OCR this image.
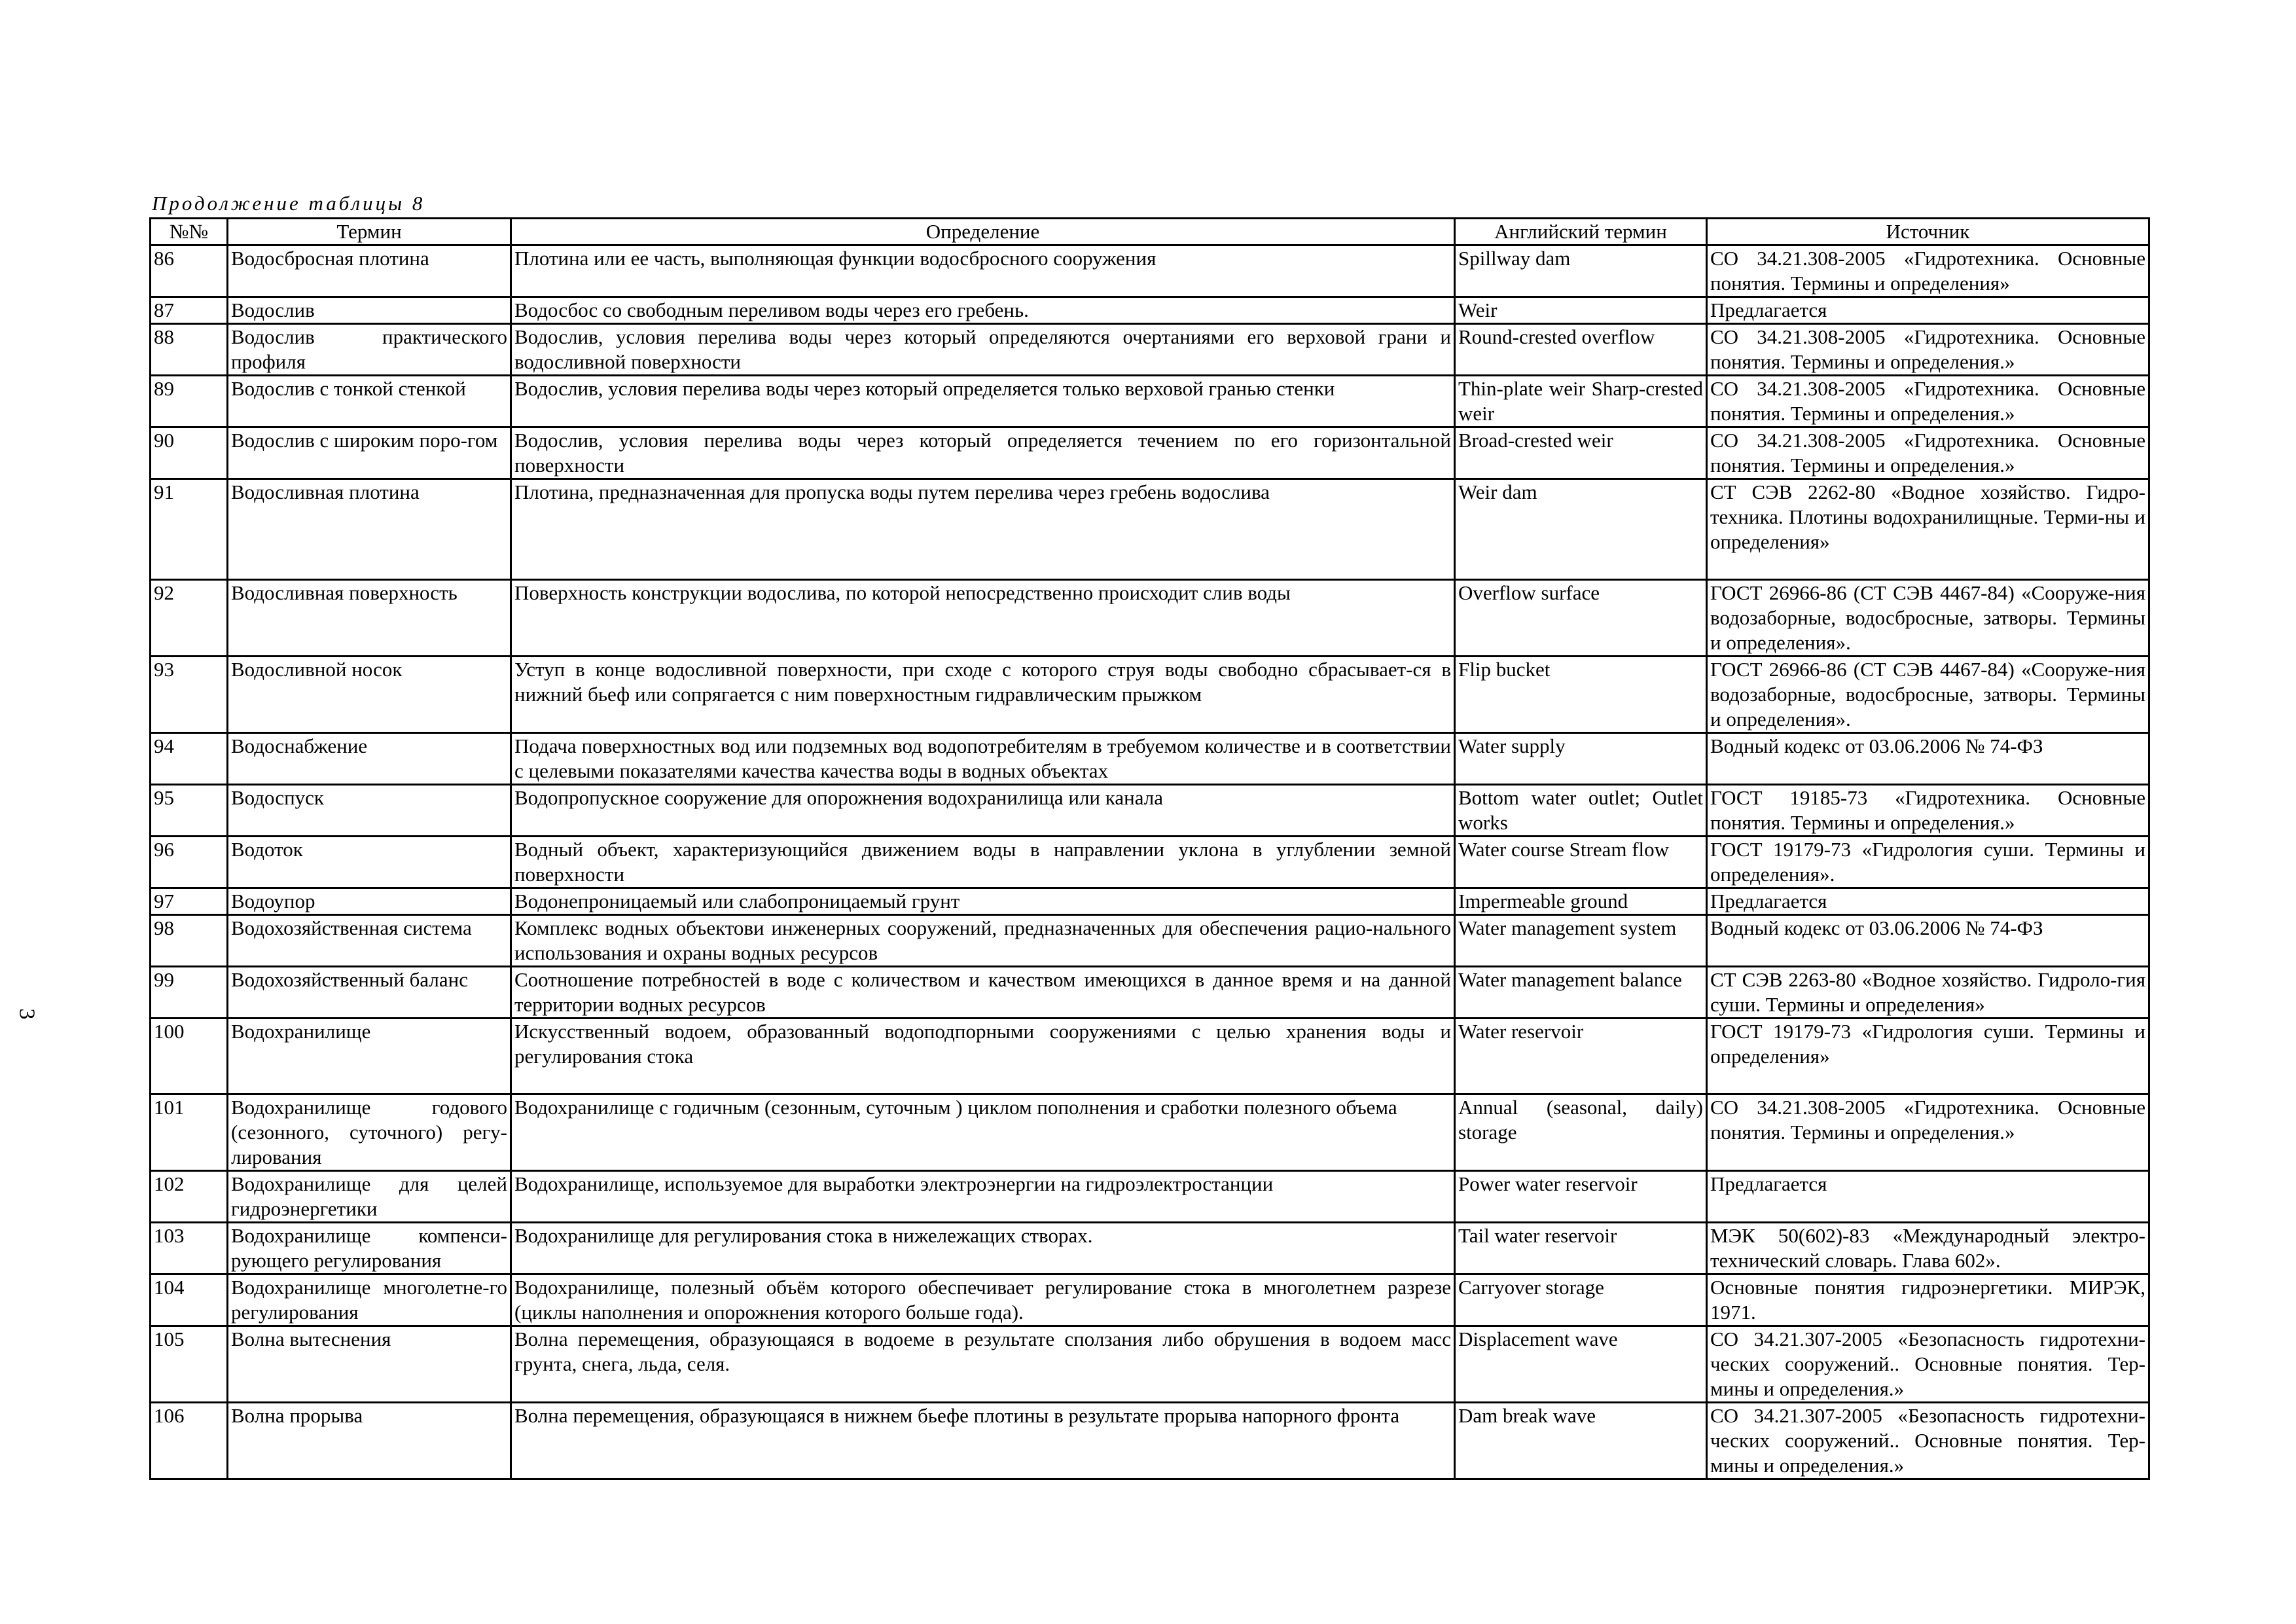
Продолжение таблицы 8
3
№№	Термин	Определение	Английский термин	Источник
86	Водосбросная плотина	Плотина или ее часть, выполняющая функции водосбросного сооружения	Spillway dam	СО 34.21.308-2005 «Гидротехника. Основные понятия. Термины и определения»
87	Водослив	Водосбос со свободным переливом воды через его гребень.	Weir	Предлагается
88	Водослив практического профиля	Водослив, условия перелива воды через который определяются очертаниями его верховой грани и водосливной поверхности	Round-crested overflow	СО 34.21.308-2005 «Гидротехника. Основные понятия. Термины и определения.»
89	Водослив с тонкой стенкой	Водослив, условия перелива воды через который определяется только верховой гранью стенки	Thin-plate weir Sharp-crested weir	СО 34.21.308-2005 «Гидротехника. Основные понятия. Термины и определения.»
90	Водослив с широким поро-гом	Водослив, условия перелива воды через который определяется течением по его горизонтальной поверхности	Broad-crested weir	СО 34.21.308-2005 «Гидротехника. Основные понятия. Термины и определения.»
91	Водосливная плотина	Плотина, предназначенная для пропуска воды путем перелива через гребень водослива	Weir dam	СТ СЭВ 2262-80 «Водное хозяйство. Гидро-техника. Плотины водохранилищные. Терми-ны и определения»
92	Водосливная поверхность	Поверхность конструкции водослива, по которой непосредственно происходит слив воды	Overflow surface	ГОСТ 26966-86 (СТ СЭВ 4467-84) «Сооруже-ния водозаборные, водосбросные, затворы. Термины и определения».
93	Водосливной носок	Уступ в конце водосливной поверхности, при сходе с которого струя воды свободно сбрасывает-ся в нижний бьеф или сопрягается с ним поверхностным гидравлическим прыжком	Flip bucket	ГОСТ 26966-86 (СТ СЭВ 4467-84) «Сооруже-ния водозаборные, водосбросные, затворы. Термины и определения».
94	Водоснабжение	Подача поверхностных вод или подземных вод водопотребителям в требуемом количестве и в соответствии с целевыми показателями качества качества воды в водных объектах	Water supply	Водный кодекс от 03.06.2006 № 74-ФЗ
95	Водоспуск	Водопропускное сооружение для опорожнения водохранилища или канала	Bottom water outlet; Outlet works	ГОСТ 19185-73 «Гидротехника. Основные понятия. Термины и определения.»
96	Водоток	Водный объект, характеризующийся движением воды в направлении уклона в углублении земной поверхности	Water course Stream flow	ГОСТ 19179-73 «Гидрология суши. Термины и определения».
97	Водоупор	Водонепроницаемый или слабопроницаемый грунт	Impermeable ground	Предлагается
98	Водохозяйственная система	Комплекс водных объектови инженерных сооружений, предназначенных для обеспечения рацио-нального использования и охраны водных ресурсов	Water management system	Водный кодекс от 03.06.2006 № 74-ФЗ
99	Водохозяйственный баланс	Соотношение потребностей в воде с количеством и качеством имеющихся в данное время и на данной территории водных ресурсов	Water management balance	СТ СЭВ 2263-80 «Водное хозяйство. Гидроло-гия суши. Термины и определения»
100	Водохранилище	Искусственный водоем, образованный водоподпорными сооружениями с целью хранения воды и регулирования стока	Water reservoir	ГОСТ 19179-73 «Гидрология суши. Термины и определения»
101	Водохранилище годового (сезонного, суточного) регу-лирования	Водохранилище с годичным (сезонным, суточным ) циклом пополнения и сработки полезного объема	Annual (seasonal, daily) storage	СО 34.21.308-2005 «Гидротехника. Основные понятия. Термины и определения.»
102	Водохранилище для целей гидроэнергетики	Водохранилище, используемое для выработки электроэнергии на гидроэлектростанции	Power water reservoir	Предлагается
103	Водохранилище компенси-рующего регулирования	Водохранилище для регулирования стока в нижележащих створах.	Tail water reservoir	МЭК 50(602)-83 «Международный электро-технический словарь. Глава 602».
104	Водохранилище многолетне-го регулирования	Водохранилище, полезный объём которого обеспечивает регулирование стока в многолетнем разрезе (циклы наполнения и опорожнения которого больше года).	Carryover storage	Основные понятия гидроэнергетики. МИРЭК, 1971.
105	Волна вытеснения	Волна перемещения, образующаяся в водоеме в результате сползания либо обрушения в водоем масс грунта, снега, льда, селя.	Displacement wave	СО 34.21.307-2005 «Безопасность гидротехни-ческих сооружений.. Основные понятия. Тер-мины и определения.»
106	Волна прорыва	Волна перемещения, образующаяся в нижнем бьефе плотины в результате прорыва напорного фронта	Dam break wave	СО 34.21.307-2005 «Безопасность гидротехни-ческих сооружений.. Основные понятия. Тер-мины и определения.»
